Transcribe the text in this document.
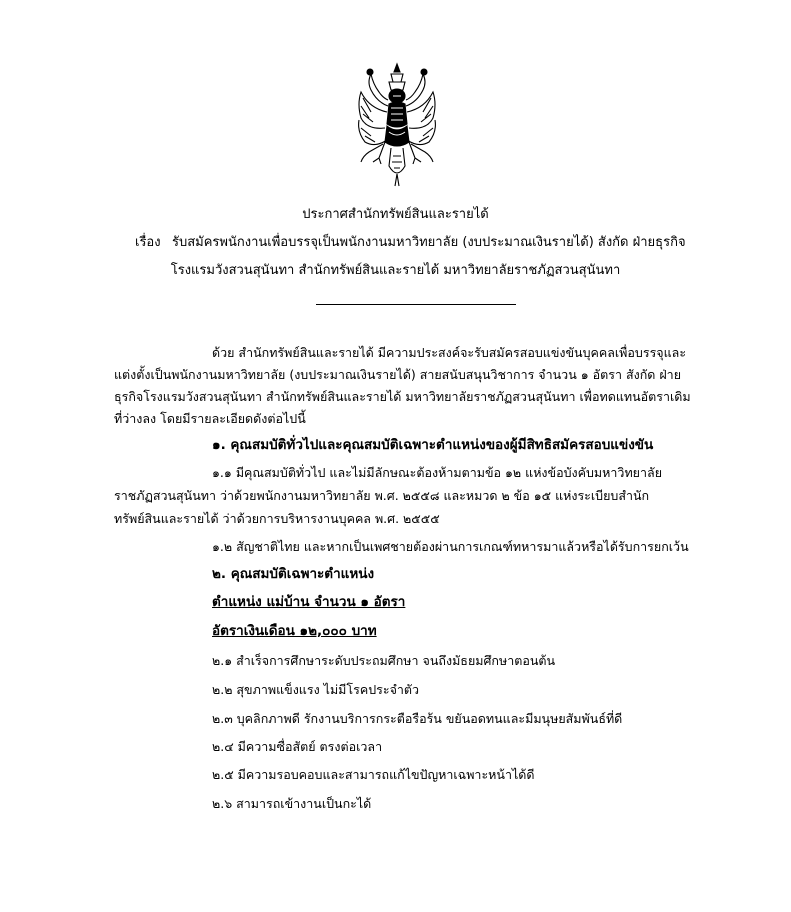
ประกาศสำนักทรัพย์สินและรายได้
เรื่อง รับสมัครพนักงานเพื่อบรรจุเป็นพนักงานมหาวิทยาลัย (งบประมาณเงินรายได้) สังกัด ฝ่ายธุรกิจ
โรงแรมวังสวนสุนันทา สำนักทรัพย์สินและรายได้ มหาวิทยาลัยราชภัฏสวนสุนันทา
ด้วย สำนักทรัพย์สินและรายได้ มีความประสงค์จะรับสมัครสอบแข่งขันบุคคลเพื่อบรรจุและ
แต่งตั้งเป็นพนักงานมหาวิทยาลัย (งบประมาณเงินรายได้) สายสนับสนุนวิชาการ จำนวน ๑ อัตรา สังกัด ฝ่าย
ธุรกิจโรงแรมวังสวนสุนันทา สำนักทรัพย์สินและรายได้ มหาวิทยาลัยราชภัฏสวนสุนันทา เพื่อทดแทนอัตราเดิม
ที่ว่างลง โดยมีรายละเอียดดังต่อไปนี้
๑. คุณสมบัติทั่วไปและคุณสมบัติเฉพาะตำแหน่งของผู้มีสิทธิสมัครสอบแข่งขัน
๑.๑ มีคุณสมบัติทั่วไป และไม่มีลักษณะต้องห้ามตามข้อ ๑๒ แห่งข้อบังคับมหาวิทยาลัย
ราชภัฏสวนสุนันทา ว่าด้วยพนักงานมหาวิทยาลัย พ.ศ. ๒๕๕๘ และหมวด ๒ ข้อ ๑๕ แห่งระเบียบสำนัก
ทรัพย์สินและรายได้ ว่าด้วยการบริหารงานบุคคล พ.ศ. ๒๕๕๕
๑.๒ สัญชาติไทย และหากเป็นเพศชายต้องผ่านการเกณฑ์ทหารมาแล้วหรือได้รับการยกเว้น
๒. คุณสมบัติเฉพาะตำแหน่ง
ตำแหน่ง แม่บ้าน จำนวน ๑ อัตรา
อัตราเงินเดือน ๑๒,๐๐๐ บาท
๒.๑ สำเร็จการศึกษาระดับประถมศึกษา จนถึงมัธยมศึกษาตอนต้น
๒.๒ สุขภาพแข็งแรง ไม่มีโรคประจำตัว
๒.๓ บุคลิกภาพดี รักงานบริการกระตือรือร้น ขยันอดทนและมีมนุษยสัมพันธ์ที่ดี
๒.๔ มีความซื่อสัตย์ ตรงต่อเวลา
๒.๕ มีความรอบคอบและสามารถแก้ไขปัญหาเฉพาะหน้าได้ดี
๒.๖ สามารถเข้างานเป็นกะได้
